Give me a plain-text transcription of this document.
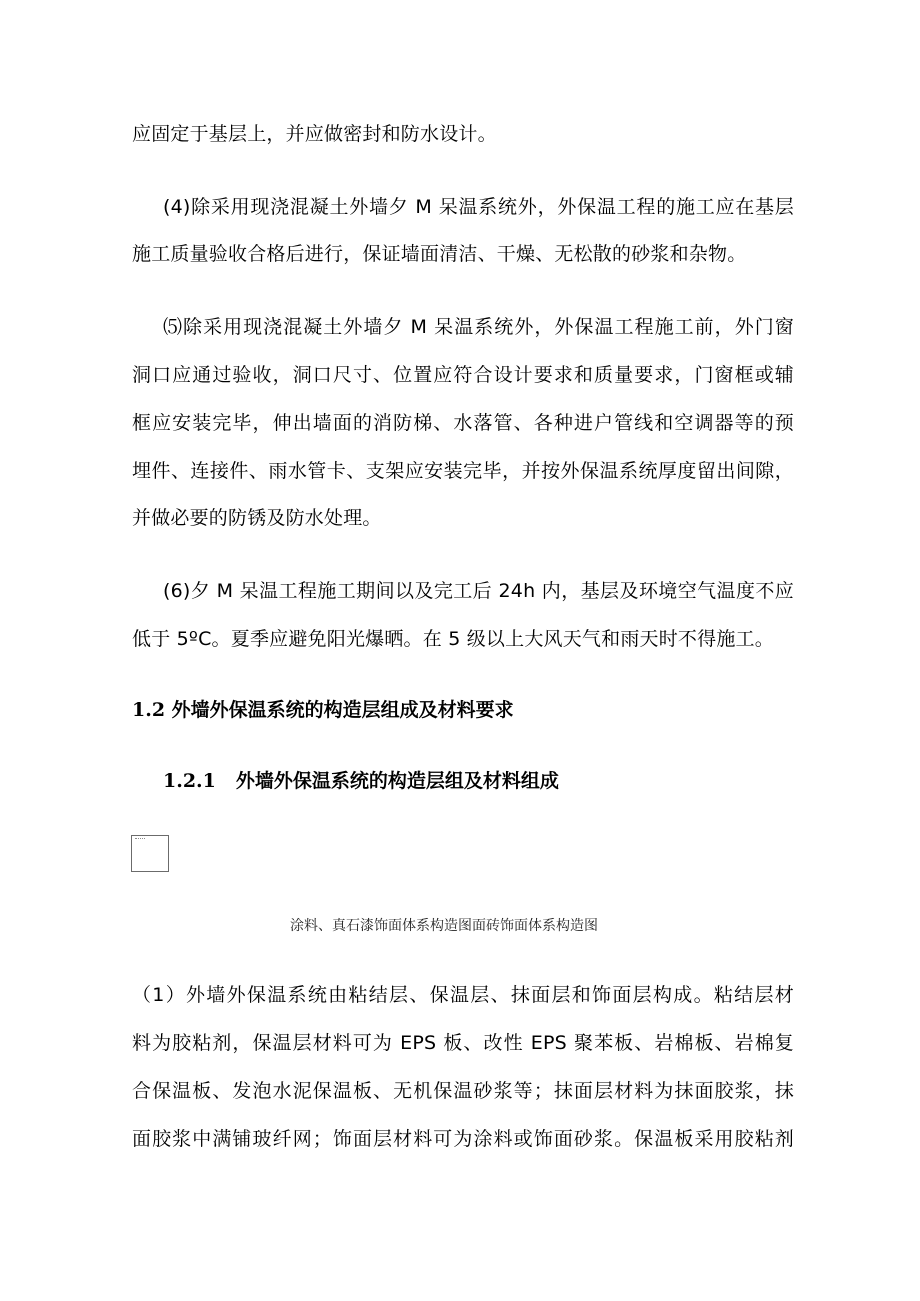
应固定于基层上，并应做密封和防水设计。
(4)除采用现浇混凝土外墙夕 M 呆温系统外，外保温工程的施工应在基层
施工质量验收合格后进行，保证墙面清洁、干燥、无松散的砂浆和杂物。
⑸除采用现浇混凝土外墙夕 M 呆温系统外，外保温工程施工前，外门窗
洞口应通过验收，洞口尺寸、位置应符合设计要求和质量要求，门窗框或辅
框应安装完毕，伸出墙面的消防梯、水落管、各种进户管线和空调器等的预
埋件、连接件、雨水管卡、支架应安装完毕，并按外保温系统厚度留出间隙，
并做必要的防锈及防水处理。
(6)夕 M 呆温工程施工期间以及完工后 24h 内，基层及环境空气温度不应
低于 5ºC。夏季应避免阳光爆晒。在 5 级以上大风天气和雨天时不得施工。
1.2 外墙外保温系统的构造层组成及材料要求
1.2.1 外墙外保温系统的构造层组及材料组成
涂料、真石漆饰面体系构造图面砖饰面体系构造图
（1）外墙外保温系统由粘结层、保温层、抹面层和饰面层构成。粘结层材
料为胶粘剂，保温层材料可为 EPS 板、改性 EPS 聚苯板、岩棉板、岩棉复
合保温板、发泡水泥保温板、无机保温砂浆等；抹面层材料为抹面胶浆，抹
面胶浆中满铺玻纤网；饰面层材料可为涂料或饰面砂浆。保温板采用胶粘剂
